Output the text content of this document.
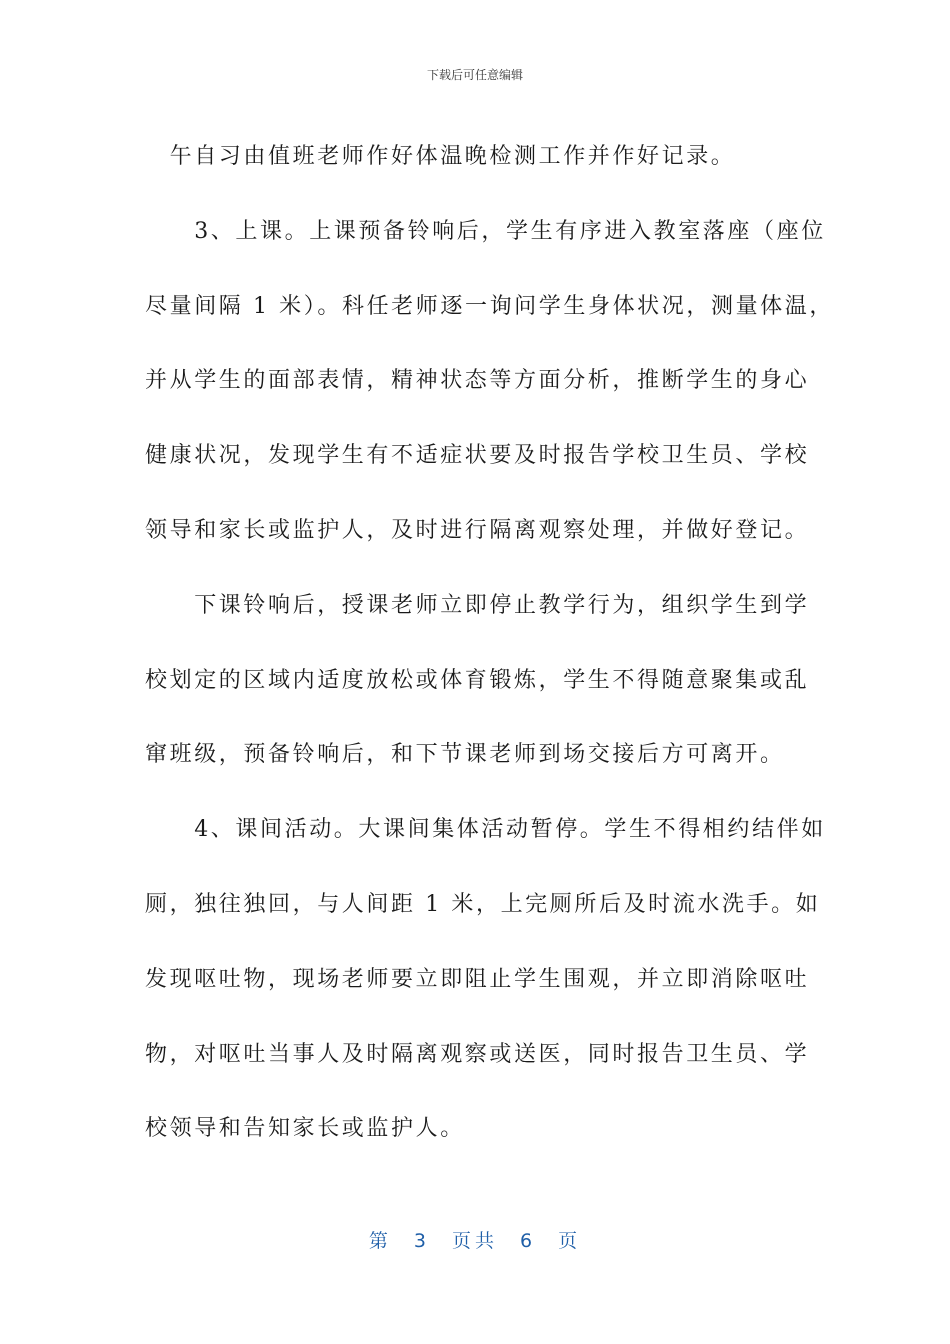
下载后可任意编辑
　午自习由值班老师作好体温晚检测工作并作好记录。
　　3、上课。上课预备铃响后，学生有序进入教室落座（座位
尽量间隔 1 米）。科任老师逐一询问学生身体状况，测量体温，
并从学生的面部表情，精神状态等方面分析，推断学生的身心
健康状况，发现学生有不适症状要及时报告学校卫生员、学校
领导和家长或监护人，及时进行隔离观察处理，并做好登记。
　　下课铃响后，授课老师立即停止教学行为，组织学生到学
校划定的区域内适度放松或体育锻炼，学生不得随意聚集或乱
窜班级，预备铃响后，和下节课老师到场交接后方可离开。
　　4、课间活动。大课间集体活动暂停。学生不得相约结伴如
厕，独往独回，与人间距 1 米，上完厕所后及时流水洗手。如
发现呕吐物，现场老师要立即阻止学生围观，并立即消除呕吐
物，对呕吐当事人及时隔离观察或送医，同时报告卫生员、学
校领导和告知家长或监护人。
第 3 页共 6 页
